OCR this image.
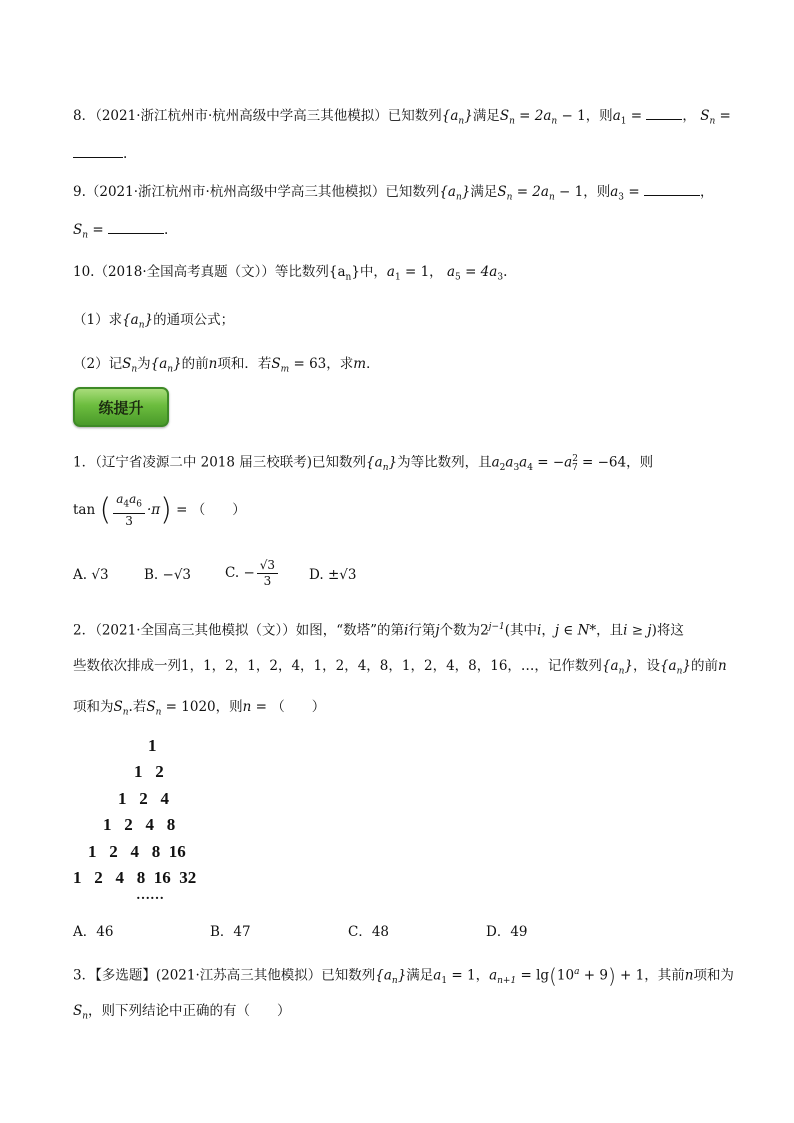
8．（2021·浙江杭州市·杭州高级中学高三其他模拟）已知数列$\{a_n\}$满足$S_n = 2a_n - 1$，则$a_1$ =	， $S_n$ =
.
9.（2021·浙江杭州市·杭州高级中学高三其他模拟）已知数列$\{a_n\}$满足$S_n = 2a_n - 1$，则$a_3$ =	，
$S_n$ =	.
10.（2018·全国高考真题（文））等比数列$\{a_n\}$中，$a_1 = 1$， $a_5 = 4a_3$.
（1）求$\{a_n\}$的通项公式；
（2）记$S_n$为$\{a_n\}$的前n项和．若$S_m = 63$，求m．
练提升
1．（辽宁省凌源二中 2018 届三校联考)已知数列$\{a_n\}$为等比数列，且$a_2a_3a_4 = -a^2_7 = -64$，则
tan ( $\frac{a_4a_6}{3} \cdot\pi$) = （　　）
A. √3	B. −√3	C. − $\frac{√3}{3} D$. ±√3
2．（2021·全国高三其他模拟（文））如图，“数塔”的第i行第j个数为$2^{j-1}$(其中i，j ∈ N*，且i ≥ j)将这
些数依次排成一列1，1，2，1，2，4，1，2，4，8，1，2，4，8，16，…，记作数列$\{a_n\}$，设$\{a_n\}$的前n
项和为$S_n$.若$S_n = 1020$，则n = （　　）
1
1   2
1   2   4
1   2   4   8
1   2   4   8  16
1   2   4   8  16  32
……
A．46	B．47	C．48	D．49
3．【多选题】(2021·江苏高三其他模拟）已知数列$\{a_n\}$满足$a_1 = 1$，$a_{n+1} = \lg(10^a + 9) + 1$，其前n项和为
$S_n$，则下列结论中正确的有（　　）
